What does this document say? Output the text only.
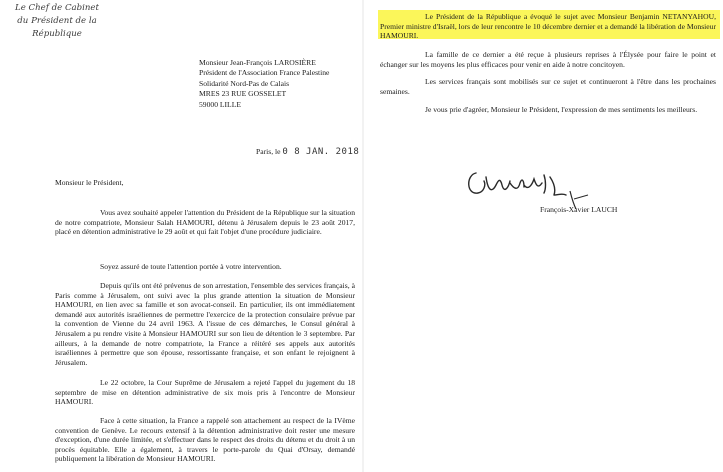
Le Chef de Cabinet
du Président de la République
Monsieur Jean-François LAROSIÈRE
Président de l'Association France Palestine
Solidarité Nord-Pas de Calais
MRES 23 RUE GOSSELET
59000 LILLE
Paris, le 0 8 JAN. 2018
Monsieur le Président,

Vous avez souhaité appeler l'attention du Président de la République sur la situation de notre compatriote, Monsieur Salah HAMOURI, détenu à Jérusalem depuis le 23 août 2017, placé en détention administrative le 29 août et qui fait l'objet d'une procédure judiciaire.

Soyez assuré de toute l'attention portée à votre intervention.

Depuis qu'ils ont été prévenus de son arrestation, l'ensemble des services français, à Paris comme à Jérusalem, ont suivi avec la plus grande attention la situation de Monsieur HAMOURI, en lien avec sa famille et son avocat-conseil. En particulier, ils ont immédiatement demandé aux autorités israéliennes de permettre l'exercice de la protection consulaire prévue par la convention de Vienne du 24 avril 1963. A l'issue de ces démarches, le Consul général à Jérusalem a pu rendre visite à Monsieur HAMOURI sur son lieu de détention le 3 septembre. Par ailleurs, à la demande de notre compatriote, la France a réitéré ses appels aux autorités israéliennes à permettre que son épouse, ressortissante française, et son enfant le rejoignent à Jérusalem.

Le 22 octobre, la Cour Suprême de Jérusalem a rejeté l'appel du jugement du 18 septembre de mise en détention administrative de six mois pris à l'encontre de Monsieur HAMOURI.

Face à cette situation, la France a rappelé son attachement au respect de la IVème convention de Genève. Le recours extensif à la détention administrative doit rester une mesure d'exception, d'une durée limitée, et s'effectuer dans le respect des droits du détenu et du droit à un procès équitable. Elle a également, à travers le porte-parole du Quai d'Orsay, demandé publiquement la libération de Monsieur HAMOURI.

Le Président de la République a évoqué le sujet avec Monsieur Benjamin NETANYAHOU, Premier ministre d'Israël, lors de leur rencontre le 10 décembre dernier et a demandé la libération de Monsieur HAMOURI.

La famille de ce dernier a été reçue à plusieurs reprises à l'Élysée pour faire le point et échanger sur les moyens les plus efficaces pour venir en aide à notre concitoyen.

Les services français sont mobilisés sur ce sujet et continueront à l'être dans les prochaines semaines.

Je vous prie d'agréer, Monsieur le Président, l'expression de mes sentiments les meilleurs.

François-Xavier LAUCH
